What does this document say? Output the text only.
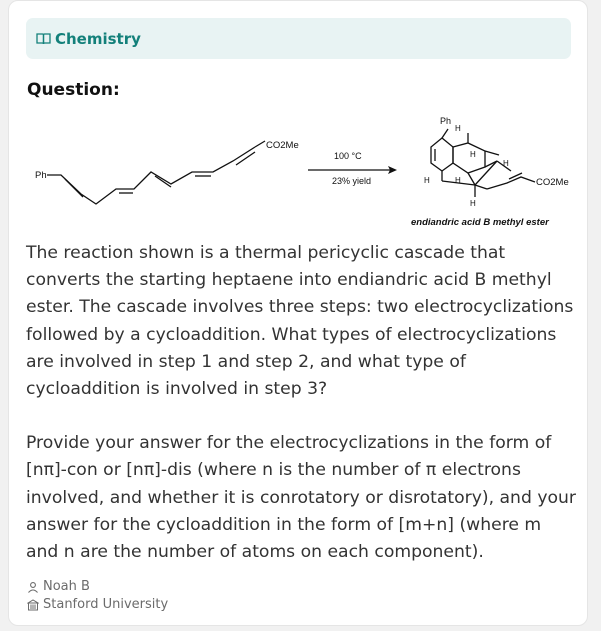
Chemistry
Question:
Ph
CO2Me
100 °C
23% yield
Ph
H
H
H
H	H
H
CO2Me
endiandric acid B methyl ester

The reaction shown is a thermal pericyclic cascade that converts the starting heptaene into endiandric acid B methyl ester. The cascade involves three steps: two electrocyclizations followed by a cycloaddition. What types of electrocyclizations are involved in step 1 and step 2, and what type of cycloaddition is involved in step 3?

Provide your answer for the electrocyclizations in the form of [nπ]-con or [nπ]-dis (where n is the number of π electrons involved, and whether it is conrotatory or disrotatory), and your answer for the cycloaddition in the form of [m+n] (where m and n are the number of atoms on each component).

Noah B
Stanford University
